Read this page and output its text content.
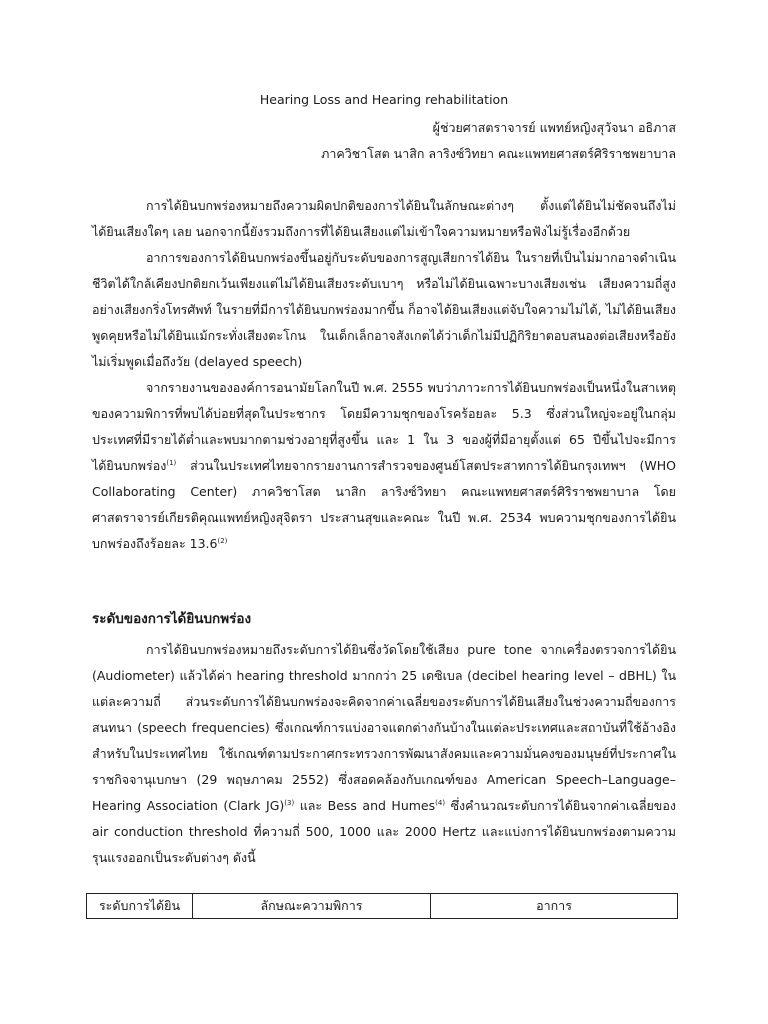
Hearing Loss and Hearing rehabilitation
ผู้ช่วยศาสตราจารย์ แพทย์หญิงสุวัจนา อธิภาส
ภาควิชาโสต นาสิก ลาริงซ์วิทยา คณะแพทยศาสตร์ศิริราชพยาบาล

การได้ยินบกพร่องหมายถึงความผิดปกติของการได้ยินในลักษณะต่างๆ ตั้งแต่ได้ยินไม่ชัดจนถึงไม่ได้ยินเสียงใดๆ เลย นอกจากนี้ยังรวมถึงการที่ได้ยินเสียงแต่ไม่เข้าใจความหมายหรือฟังไม่รู้เรื่องอีกด้วย

อาการของการได้ยินบกพร่องขึ้นอยู่กับระดับของการสูญเสียการได้ยิน ในรายที่เป็นไม่มากอาจดำเนินชีวิตได้ใกล้เคียงปกติยกเว้นเพียงแต่ไม่ได้ยินเสียงระดับเบาๆ หรือไม่ได้ยินเฉพาะบางเสียงเช่น เสียงความถี่สูงอย่างเสียงกริ่งโทรศัพท์ ในรายที่มีการได้ยินบกพร่องมากขึ้น ก็อาจได้ยินเสียงแต่จับใจความไม่ได้, ไม่ได้ยินเสียงพูดคุยหรือไม่ได้ยินแม้กระทั่งเสียงตะโกน ในเด็กเล็กอาจสังเกตได้ว่าเด็กไม่มีปฏิกิริยาตอบสนองต่อเสียงหรือยังไม่เริ่มพูดเมื่อถึงวัย (delayed speech)

จากรายงานขององค์การอนามัยโลกในปี พ.ศ. 2555 พบว่าภาวะการได้ยินบกพร่องเป็นหนึ่งในสาเหตุของความพิการที่พบได้บ่อยที่สุดในประชากร โดยมีความชุกของโรคร้อยละ 5.3 ซึ่งส่วนใหญ่จะอยู่ในกลุ่มประเทศที่มีรายได้ต่ำและพบมากตามช่วงอายุที่สูงขึ้น และ 1 ใน 3 ของผู้ที่มีอายุตั้งแต่ 65 ปีขึ้นไปจะมีการได้ยินบกพร่อง$^{(1)}$ ส่วนในประเทศไทยจากรายงานการสำรวจของศูนย์โสตประสาทการได้ยินกรุงเทพฯ (WHO Collaborating Center) ภาควิชาโสต นาสิก ลาริงซ์วิทยา คณะแพทยศาสตร์ศิริราชพยาบาล โดยศาสตราจารย์เกียรติคุณแพทย์หญิงสุจิตรา ประสานสุขและคณะ ในปี พ.ศ. 2534 พบความชุกของการได้ยินบกพร่องถึงร้อยละ 13.6$^{(2)}$

ระดับของการได้ยินบกพร่อง

การได้ยินบกพร่องหมายถึงระดับการได้ยินซึ่งวัดโดยใช้เสียง pure tone จากเครื่องตรวจการได้ยิน (Audiometer) แล้วได้ค่า hearing threshold มากกว่า 25 เดซิเบล (decibel hearing level – dBHL) ในแต่ละความถี่ ส่วนระดับการได้ยินบกพร่องจะคิดจากค่าเฉลี่ยของระดับการได้ยินเสียงในช่วงความถี่ของการสนทนา (speech frequencies) ซึ่งเกณฑ์การแบ่งอาจแตกต่างกันบ้างในแต่ละประเทศและสถาบันที่ใช้อ้างอิง สำหรับในประเทศไทย ใช้เกณฑ์ตามประกาศกระทรวงการพัฒนาสังคมและความมั่นคงของมนุษย์ที่ประกาศในราชกิจจานุเบกษา (29 พฤษภาคม 2552) ซึ่งสอดคล้องกับเกณฑ์ของ American Speech–Language–Hearing Association (Clark JG)$^{(3)}$ และ Bess and Humes$^{(4)}$ ซึ่งคำนวณระดับการได้ยินจากค่าเฉลี่ยของ air conduction threshold ที่ความถี่ 500, 1000 และ 2000 Hertz และแบ่งการได้ยินบกพร่องตามความรุนแรงออกเป็นระดับต่างๆ ดังนี้

ระดับการได้ยิน	ลักษณะความพิการ	อาการ
